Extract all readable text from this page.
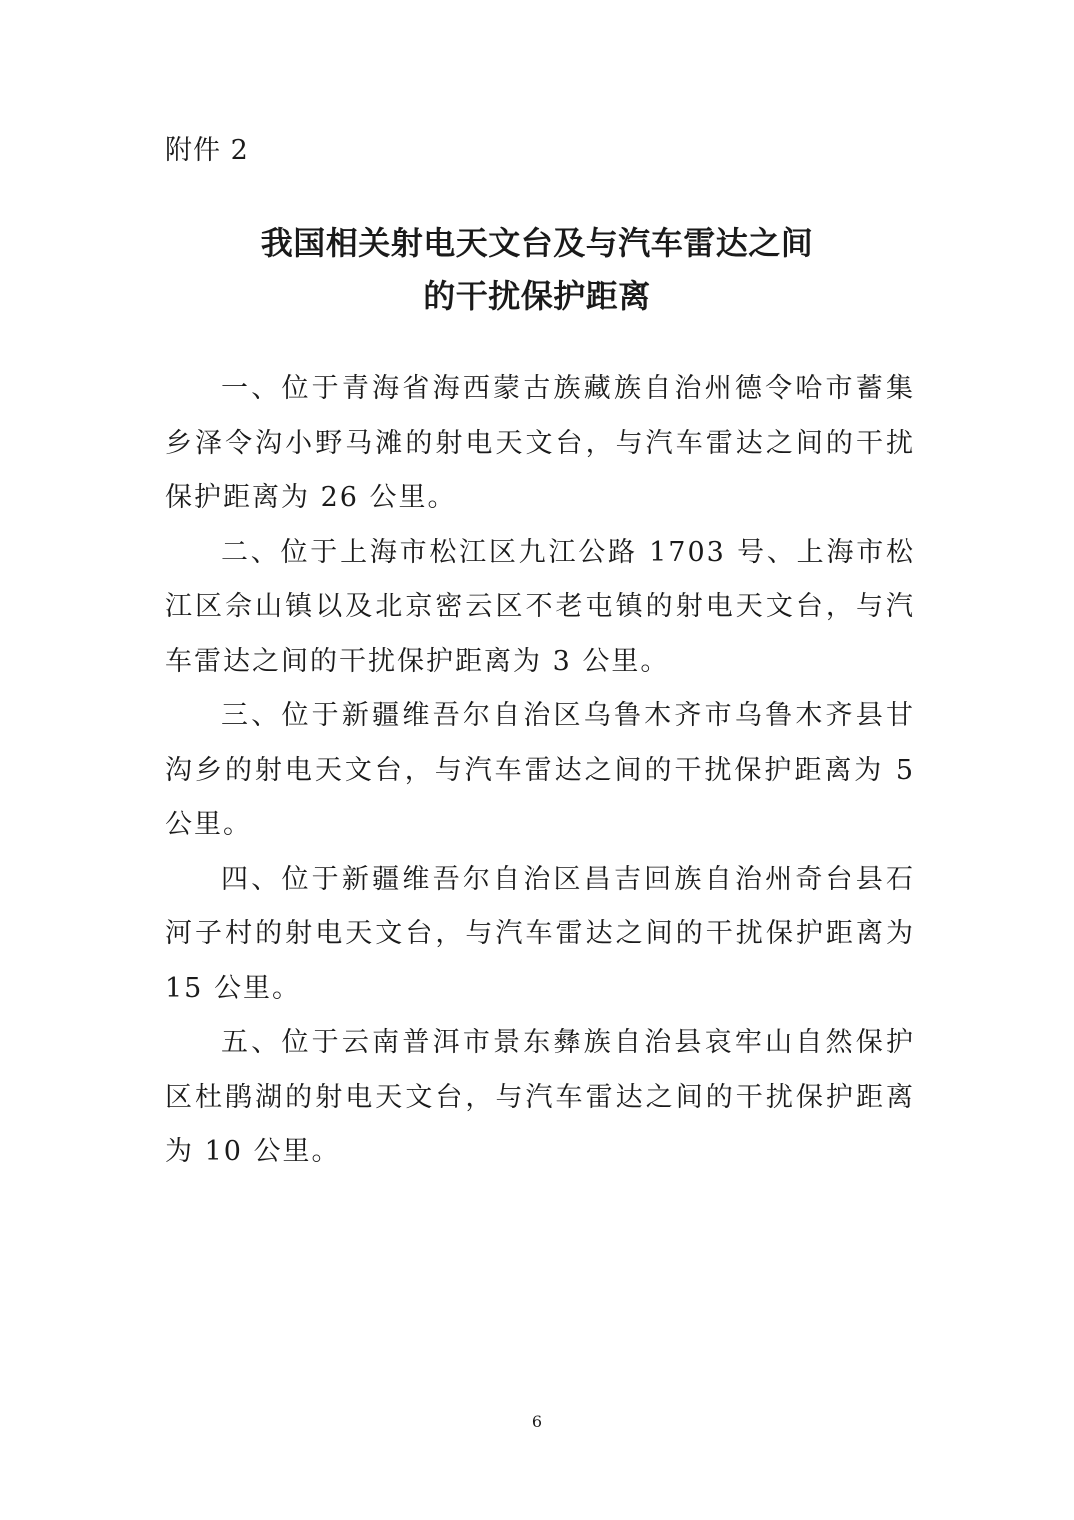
附件 2
我国相关射电天文台及与汽车雷达之间
的干扰保护距离

一、位于青海省海西蒙古族藏族自治州德令哈市蓄集乡泽令沟小野马滩的射电天文台，与汽车雷达之间的干扰保护距离为 26 公里。

二、位于上海市松江区九江公路 1703 号、上海市松江区佘山镇以及北京密云区不老屯镇的射电天文台，与汽车雷达之间的干扰保护距离为 3 公里。

三、位于新疆维吾尔自治区乌鲁木齐市乌鲁木齐县甘沟乡的射电天文台，与汽车雷达之间的干扰保护距离为 5 公里。

四、位于新疆维吾尔自治区昌吉回族自治州奇台县石河子村的射电天文台，与汽车雷达之间的干扰保护距离为 15 公里。

五、位于云南普洱市景东彝族自治县哀牢山自然保护区杜鹃湖的射电天文台，与汽车雷达之间的干扰保护距离为 10 公里。

6
